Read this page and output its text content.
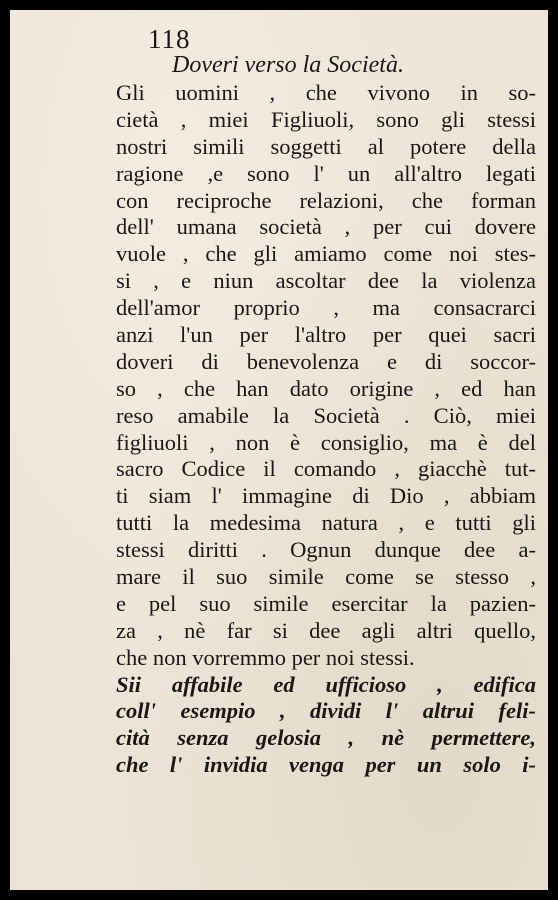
118
Doveri verso la Società.
Gli uomini , che vivono in so-
cietà , miei Figliuoli, sono gli stessi
nostri simili soggetti al potere della
ragione ,e sono l' un all'altro legati
con reciproche relazioni, che forman
dell' umana società , per cui dovere
vuole , che gli amiamo come noi stes-
si , e niun ascoltar dee la violenza
dell'amor proprio , ma consacrarci
anzi l'un per l'altro per quei sacri
doveri di benevolenza e di soccor-
so , che han dato origine , ed han
reso amabile la Società . Ciò, miei
figliuoli , non è consiglio, ma è del
sacro Codice il comando , giacchè tut-
ti siam l' immagine di Dio , abbiam
tutti la medesima natura , e tutti gli
stessi diritti . Ognun dunque dee a-
mare il suo simile come se stesso ,
e pel suo simile esercitar la pazien-
za , nè far si dee agli altri quello,
che non vorremmo per noi stessi.
Sii affabile ed ufficioso , edifica
coll' esempio , dividi l' altrui feli-
cità senza gelosia , nè permettere,
che l' invidia venga per un solo i-
